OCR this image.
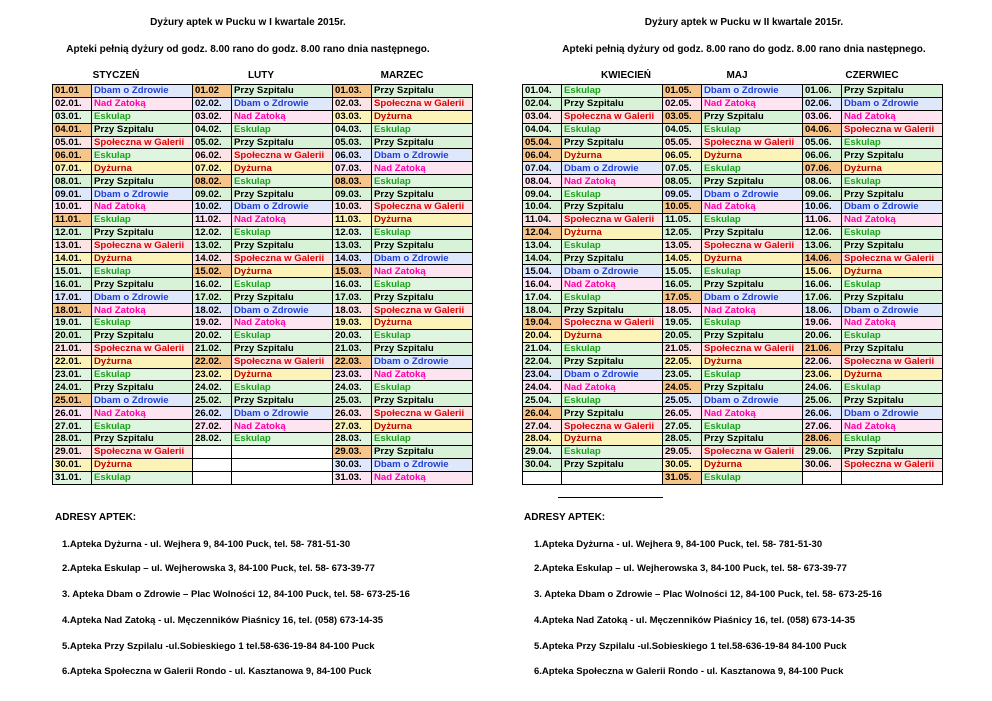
Dyżury aptek w Pucku w I kwartale 2015r.
Apteki pełnią dyżury od godz. 8.00 rano do godz. 8.00 rano dnia następnego.
STYCZEŃ	LUTY	MARZEC
01.01	Dbam o Zdrowie	01.02	Przy Szpitalu	01.03.	Przy Szpitalu
02.01.	Nad Zatoką	02.02.	Dbam o Zdrowie	02.03.	Społeczna w Galerii
03.01.	Eskulap	03.02.	Nad Zatoką	03.03.	Dyżurna
04.01.	Przy Szpitalu	04.02.	Eskulap	04.03.	Eskulap
05.01.	Społeczna w Galerii	05.02.	Przy Szpitalu	05.03.	Przy Szpitalu
06.01.	Eskulap	06.02.	Społeczna w Galerii	06.03.	Dbam o Zdrowie
07.01.	Dyżurna	07.02.	Dyżurna	07.03.	Nad Zatoką
08.01.	Przy Szpitalu	08.02.	Eskulap	08.03.	Eskulap
09.01.	Dbam o Zdrowie	09.02.	Przy Szpitalu	09.03.	Przy Szpitalu
10.01.	Nad Zatoką	10.02.	Dbam o Zdrowie	10.03.	Społeczna w Galerii
11.01.	Eskulap	11.02.	Nad Zatoką	11.03.	Dyżurna
12.01.	Przy Szpitalu	12.02.	Eskulap	12.03.	Eskulap
13.01.	Społeczna w Galerii	13.02.	Przy Szpitalu	13.03.	Przy Szpitalu
14.01.	Dyżurna	14.02.	Społeczna w Galerii	14.03.	Dbam o Zdrowie
15.01.	Eskulap	15.02.	Dyżurna	15.03.	Nad Zatoką
16.01.	Przy Szpitalu	16.02.	Eskulap	16.03.	Eskulap
17.01.	Dbam o Zdrowie	17.02.	Przy Szpitalu	17.03.	Przy Szpitalu
18.01.	Nad Zatoką	18.02.	Dbam o Zdrowie	18.03.	Społeczna w Galerii
19.01.	Eskulap	19.02.	Nad Zatoką	19.03.	Dyżurna
20.01.	Przy Szpitalu	20.02.	Eskulap	20.03.	Eskulap
21.01.	Społeczna w Galerii	21.02.	Przy Szpitalu	21.03.	Przy Szpitalu
22.01.	Dyżurna	22.02.	Społeczna w Galerii	22.03.	Dbam o Zdrowie
23.01.	Eskulap	23.02.	Dyżurna	23.03.	Nad Zatoką
24.01.	Przy Szpitalu	24.02.	Eskulap	24.03.	Eskulap
25.01.	Dbam o Zdrowie	25.02.	Przy Szpitalu	25.03.	Przy Szpitalu
26.01.	Nad Zatoką	26.02.	Dbam o Zdrowie	26.03.	Społeczna w Galerii
27.01.	Eskulap	27.02.	Nad Zatoką	27.03.	Dyżurna
28.01.	Przy Szpitalu	28.02.	Eskulap	28.03.	Eskulap
29.01.	Społeczna w Galerii			29.03.	Przy Szpitalu
30.01.	Dyżurna			30.03.	Dbam o Zdrowie
31.01.	Eskulap			31.03.	Nad Zatoką
ADRESY APTEK:
1.Apteka Dyżurna - ul. Wejhera 9, 84-100 Puck, tel. 58- 781-51-30
2.Apteka Eskulap – ul. Wejherowska 3, 84-100 Puck, tel. 58- 673-39-77
3. Apteka Dbam o Zdrowie – Plac Wolności 12, 84-100 Puck, tel. 58- 673-25-16
4.Apteka Nad Zatoką - ul. Męczenników Piaśnicy 16, tel. (058) 673-14-35
5.Apteka Przy Szpilalu -ul.Sobieskiego 1 tel.58-636-19-84 84-100 Puck
6.Apteka Społeczna w Galerii Rondo - ul. Kasztanowa 9, 84-100 Puck
Dyżury aptek w Pucku w II kwartale 2015r.
Apteki pełnią dyżury od godz. 8.00 rano do godz. 8.00 rano dnia następnego.
KWIECIEŃ	MAJ	CZERWIEC
01.04.	Eskulap	01.05.	Dbam o Zdrowie	01.06.	Przy Szpitalu
02.04.	Przy Szpitalu	02.05.	Nad Zatoką	02.06.	Dbam o Zdrowie
03.04.	Społeczna w Galerii	03.05.	Przy Szpitalu	03.06.	Nad Zatoką
04.04.	Eskulap	04.05.	Eskulap	04.06.	Społeczna w Galerii
05.04.	Przy Szpitalu	05.05.	Społeczna w Galerii	05.06.	Eskulap
06.04.	Dyżurna	06.05.	Dyżurna	06.06.	Przy Szpitalu
07.04.	Dbam o Zdrowie	07.05.	Eskulap	07.06.	Dyżurna
08.04.	Nad Zatoką	08.05.	Przy Szpitalu	08.06.	Eskulap
09.04.	Eskulap	09.05.	Dbam o Zdrowie	09.06.	Przy Szpitalu
10.04.	Przy Szpitalu	10.05.	Nad Zatoką	10.06.	Dbam o Zdrowie
11.04.	Społeczna w Galerii	11.05.	Eskulap	11.06.	Nad Zatoką
12.04.	Dyżurna	12.05.	Przy Szpitalu	12.06.	Eskulap
13.04.	Eskulap	13.05.	Społeczna w Galerii	13.06.	Przy Szpitalu
14.04.	Przy Szpitalu	14.05.	Dyżurna	14.06.	Społeczna w Galerii
15.04.	Dbam o Zdrowie	15.05.	Eskulap	15.06.	Dyżurna
16.04.	Nad Zatoką	16.05.	Przy Szpitalu	16.06.	Eskulap
17.04.	Eskulap	17.05.	Dbam o Zdrowie	17.06.	Przy Szpitalu
18.04.	Przy Szpitalu	18.05.	Nad Zatoką	18.06.	Dbam o Zdrowie
19.04.	Społeczna w Galerii	19.05.	Eskulap	19.06.	Nad Zatoką
20.04.	Dyżurna	20.05.	Przy Szpitalu	20.06.	Eskulap
21.04.	Eskulap	21.05.	Społeczna w Galerii	21.06.	Przy Szpitalu
22.04.	Przy Szpitalu	22.05.	Dyżurna	22.06.	Społeczna w Galerii
23.04.	Dbam o Zdrowie	23.05.	Eskulap	23.06.	Dyżurna
24.04.	Nad Zatoką	24.05.	Przy Szpitalu	24.06.	Eskulap
25.04.	Eskulap	25.05.	Dbam o Zdrowie	25.06.	Przy Szpitalu
26.04.	Przy Szpitalu	26.05.	Nad Zatoką	26.06.	Dbam o Zdrowie
27.04.	Społeczna w Galerii	27.05.	Eskulap	27.06.	Nad Zatoką
28.04.	Dyżurna	28.05.	Przy Szpitalu	28.06.	Eskulap
29.04.	Eskulap	29.05.	Społeczna w Galerii	29.06.	Przy Szpitalu
30.04.	Przy Szpitalu	30.05.	Dyżurna	30.06.	Społeczna w Galerii
		31.05.	Eskulap		
ADRESY APTEK:
1.Apteka Dyżurna - ul. Wejhera 9, 84-100 Puck, tel. 58- 781-51-30
2.Apteka Eskulap – ul. Wejherowska 3, 84-100 Puck, tel. 58- 673-39-77
3. Apteka Dbam o Zdrowie – Plac Wolności 12, 84-100 Puck, tel. 58- 673-25-16
4.Apteka Nad Zatoką - ul. Męczenników Piaśnicy 16, tel. (058) 673-14-35
5.Apteka Przy Szpilalu -ul.Sobieskiego 1 tel.58-636-19-84 84-100 Puck
6.Apteka Społeczna w Galerii Rondo - ul. Kasztanowa 9, 84-100 Puck
